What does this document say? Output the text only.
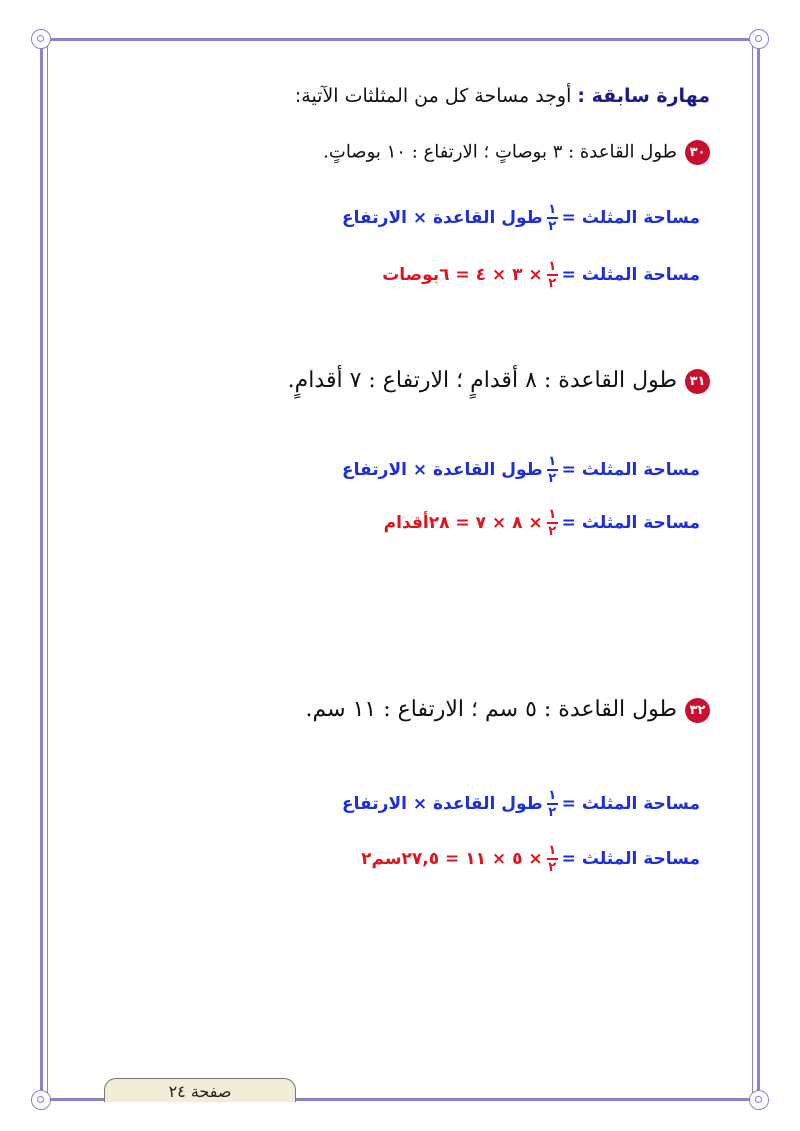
مهارة سابقة : أوجد مساحة كل من المثلثات الآتية:
٣٠طول القاعدة : ٣ بوصاتٍ ؛ الارتفاع : ١٠ بوصاتٍ.
مساحة المثلث =
$\frac{١}{٢}$
طول القاعدة × الارتفاع
مساحة المثلث =
$\frac{١}{٢}$
× ٣ × ٤ = ٦بوصات
٣١طول القاعدة : ٨ أقدامٍ ؛ الارتفاع : ٧ أقدامٍ.
مساحة المثلث =
$\frac{١}{٢}$
طول القاعدة × الارتفاع
مساحة المثلث =
$\frac{١}{٢}$
× ٨ × ٧ = ٢٨أقدام
٣٢طول القاعدة : ٥ سم ؛ الارتفاع : ١١ سم.
مساحة المثلث =
$\frac{١}{٢}$
طول القاعدة × الارتفاع
مساحة المثلث =
$\frac{١}{٢}$
× ٥ × ١١ = ٢٧,٥سم٢
صفحة ٢٤
